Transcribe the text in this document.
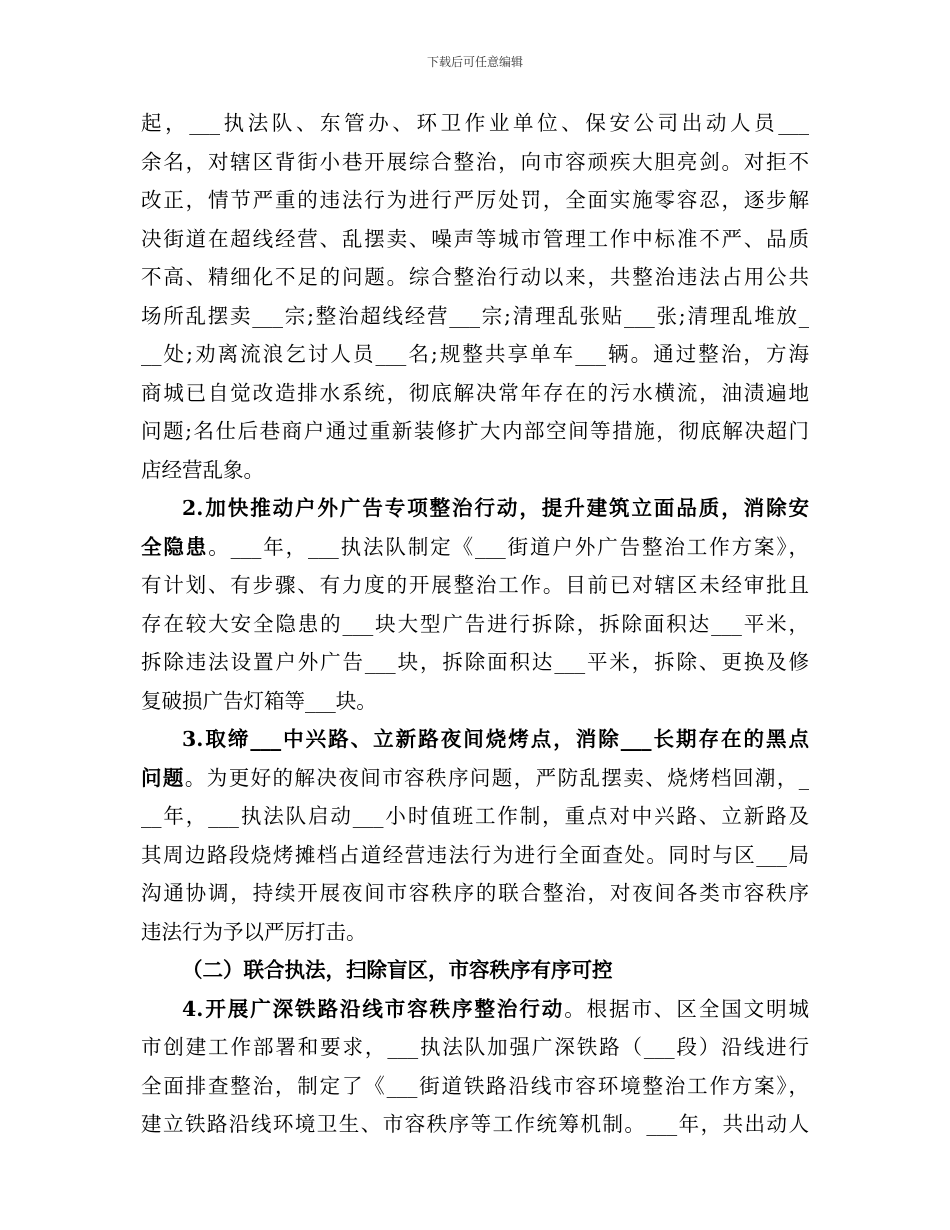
下载后可任意编辑
起，___执法队、东管办、环卫作业单位、保安公司出动人员___
余名，对辖区背街小巷开展综合整治，向市容顽疾大胆亮剑。对拒不
改正，情节严重的违法行为进行严厉处罚，全面实施零容忍，逐步解
决街道在超线经营、乱摆卖、噪声等城市管理工作中标准不严、品质
不高、精细化不足的问题。综合整治行动以来，共整治违法占用公共
场所乱摆卖___宗;整治超线经营___宗;清理乱张贴___张;清理乱堆放_
__处;劝离流浪乞讨人员___名;规整共享单车___辆。通过整治，方海
商城已自觉改造排水系统，彻底解决常年存在的污水横流，油渍遍地
问题;名仕后巷商户通过重新装修扩大内部空间等措施，彻底解决超门
店经营乱象。
2.加快推动户外广告专项整治行动，提升建筑立面品质，消除安
全隐患。___年，___执法队制定《___街道户外广告整治工作方案》，
有计划、有步骤、有力度的开展整治工作。目前已对辖区未经审批且
存在较大安全隐患的___块大型广告进行拆除，拆除面积达___平米，
拆除违法设置户外广告___块，拆除面积达___平米，拆除、更换及修
复破损广告灯箱等___块。
3.取缔___中兴路、立新路夜间烧烤点，消除___长期存在的黑点
问题。为更好的解决夜间市容秩序问题，严防乱摆卖、烧烤档回潮，_
__年，___执法队启动___小时值班工作制，重点对中兴路、立新路及
其周边路段烧烤摊档占道经营违法行为进行全面查处。同时与区___局
沟通协调，持续开展夜间市容秩序的联合整治，对夜间各类市容秩序
违法行为予以严厉打击。
（二）联合执法，扫除盲区，市容秩序有序可控
4.开展广深铁路沿线市容秩序整治行动。根据市、区全国文明城
市创建工作部署和要求，___执法队加强广深铁路（___段）沿线进行
全面排查整治，制定了《___街道铁路沿线市容环境整治工作方案》，
建立铁路沿线环境卫生、市容秩序等工作统筹机制。___年，共出动人
